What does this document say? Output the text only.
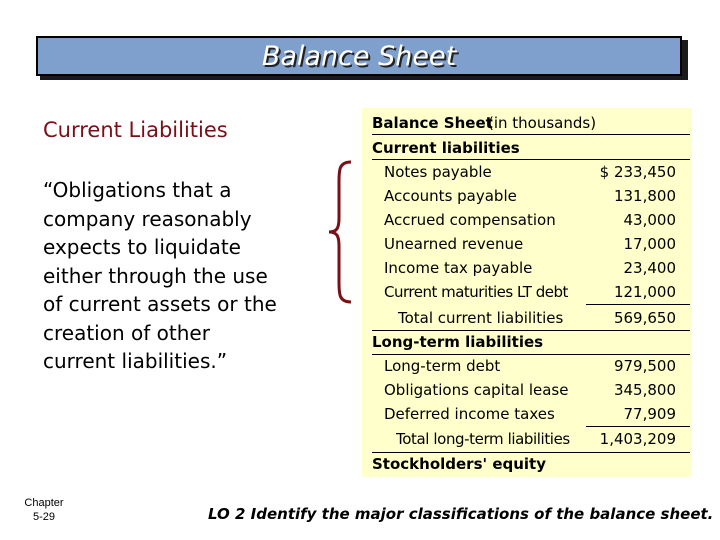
Balance Sheet
Current Liabilities
“Obligations that a
company reasonably
expects to liquidate
either through the use
of current assets or the
creation of other
current liabilities.”
Balance Sheet
(in thousands)
Current liabilities
Notes payable	$ 233,450
Accounts payable	131,800
Accrued compensation	43,000
Unearned revenue	17,000
Income tax payable	23,400
Current maturities LT debt	121,000
Total current liabilities	569,650
Long-term liabilities
Long-term debt	979,500
Obligations capital lease	345,800
Deferred income taxes	77,909
Total long-term liabilities 1,403,209
Stockholders' equity
Chapter
5-29	LO 2 Identify the major classifications of the balance sheet.
